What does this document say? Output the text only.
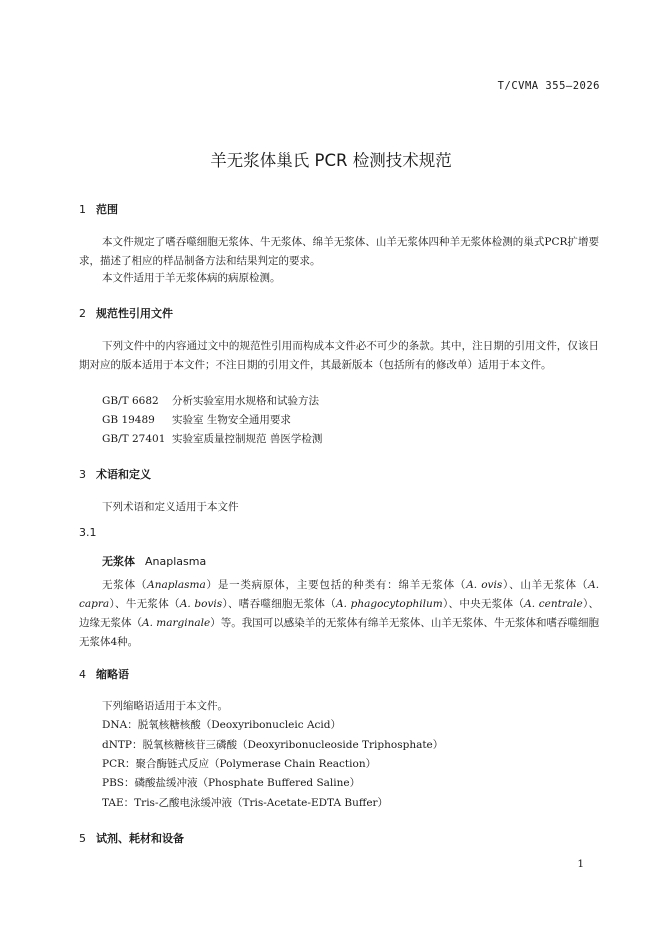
T/CVMA 355—2026
羊无浆体巢氏 PCR 检测技术规范
1 范围
本文件规定了嗜吞噬细胞无浆体、牛无浆体、绵羊无浆体、山羊无浆体四种羊无浆体检测的巢式PCR扩增要求，描述了相应的样品制备方法和结果判定的要求。
本文件适用于羊无浆体病的病原检测。
2 规范性引用文件
下列文件中的内容通过文中的规范性引用而构成本文件必不可少的条款。其中，注日期的引用文件，仅该日期对应的版本适用于本文件；不注日期的引用文件，其最新版本（包括所有的修改单）适用于本文件。
GB/T 6682 分析实验室用水规格和试验方法
GB 19489 实验室 生物安全通用要求
GB/T 27401 实验室质量控制规范 兽医学检测
3 术语和定义
下列术语和定义适用于本文件
3.1
无浆体 Anaplasma
无浆体（Anaplasma）是一类病原体，主要包括的种类有：绵羊无浆体（A. ovis）、山羊无浆体（A. capra）、牛无浆体（A. bovis）、嗜吞噬细胞无浆体（A. phagocytophilum）、中央无浆体（A. centrale）、边缘无浆体（A. marginale）等。我国可以感染羊的无浆体有绵羊无浆体、山羊无浆体、牛无浆体和嗜吞噬细胞无浆体4种。
4 缩略语
下列缩略语适用于本文件。
DNA：脱氧核糖核酸（Deoxyribonucleic Acid）
dNTP：脱氧核糖核苷三磷酸（Deoxyribonucleoside Triphosphate）
PCR：聚合酶链式反应（Polymerase Chain Reaction）
PBS：磷酸盐缓冲液（Phosphate Buffered Saline）
TAE：Tris-乙酸电泳缓冲液（Tris-Acetate-EDTA Buffer）
5 试剂、耗材和设备
1
